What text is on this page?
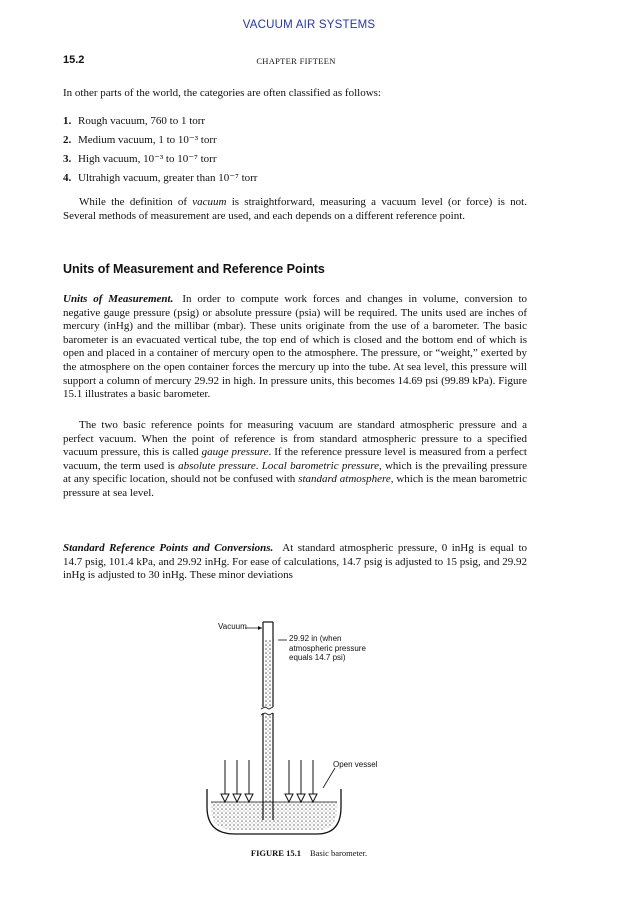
VACUUM AIR SYSTEMS
15.2	CHAPTER FIFTEEN
In other parts of the world, the categories are often classified as follows:
1. Rough vacuum, 760 to 1 torr
2. Medium vacuum, 1 to 10⁻³ torr
3. High vacuum, 10⁻³ to 10⁻⁷ torr
4. Ultrahigh vacuum, greater than 10⁻⁷ torr
While the definition of vacuum is straightforward, measuring a vacuum level (or force) is not. Several methods of measurement are used, and each depends on a different reference point.
Units of Measurement and Reference Points
Units of Measurement. In order to compute work forces and changes in volume, conversion to negative gauge pressure (psig) or absolute pressure (psia) will be required. The units used are inches of mercury (inHg) and the millibar (mbar). These units originate from the use of a barometer. The basic barometer is an evacuated vertical tube, the top end of which is closed and the bottom end of which is open and placed in a container of mercury open to the atmosphere. The pressure, or “weight,” exerted by the atmosphere on the open container forces the mercury up into the tube. At sea level, this pressure will support a column of mercury 29.92 in high. In pressure units, this becomes 14.69 psi (99.89 kPa). Figure 15.1 illustrates a basic barometer.
The two basic reference points for measuring vacuum are standard atmospheric pressure and a perfect vacuum. When the point of reference is from standard atmospheric pressure to a specified vacuum pressure, this is called gauge pressure. If the reference pressure level is measured from a perfect vacuum, the term used is absolute pressure. Local barometric pressure, which is the prevailing pressure at any specific location, should not be confused with standard atmosphere, which is the mean barometric pressure at sea level.
Standard Reference Points and Conversions. At standard atmospheric pressure, 0 inHg is equal to 14.7 psig, 101.4 kPa, and 29.92 inHg. For ease of calculations, 14.7 psig is adjusted to 15 psig, and 29.92 inHg is adjusted to 30 inHg. These minor deviations
Vacuum
29.92 in (when
atmospheric pressure
equals 14.7 psi)
Open vessel
FIGURE 15.1 Basic barometer.
